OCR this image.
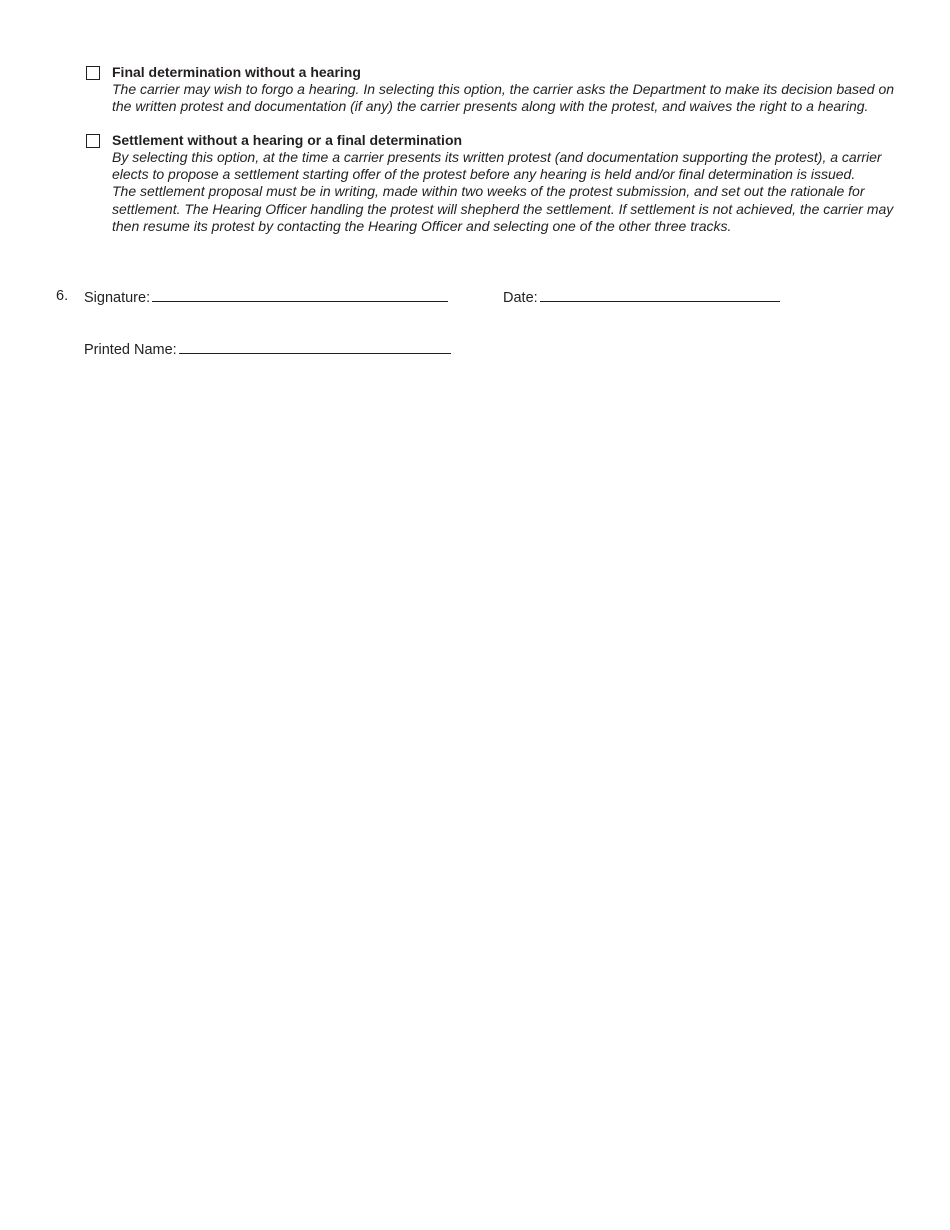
Final determination without a hearing

The carrier may wish to forgo a hearing. In selecting this option, the carrier asks the Department to make its decision based on

the written protest and documentation (if any) the carrier presents along with the protest, and waives the right to a hearing.

Settlement without a hearing or a final determination

By selecting this option, at the time a carrier presents its written protest (and documentation supporting the protest), a carrier

elects to propose a settlement starting offer of the protest before any hearing is held and/or final determination is issued.

The settlement proposal must be in writing, made within two weeks of the protest submission, and set out the rationale for

settlement. The Hearing Officer handling the protest will shepherd the settlement. If settlement is not achieved, the carrier may

then resume its protest by contacting the Hearing Officer and selecting one of the other three tracks.

6. Signature:	Date:
Printed Name:
